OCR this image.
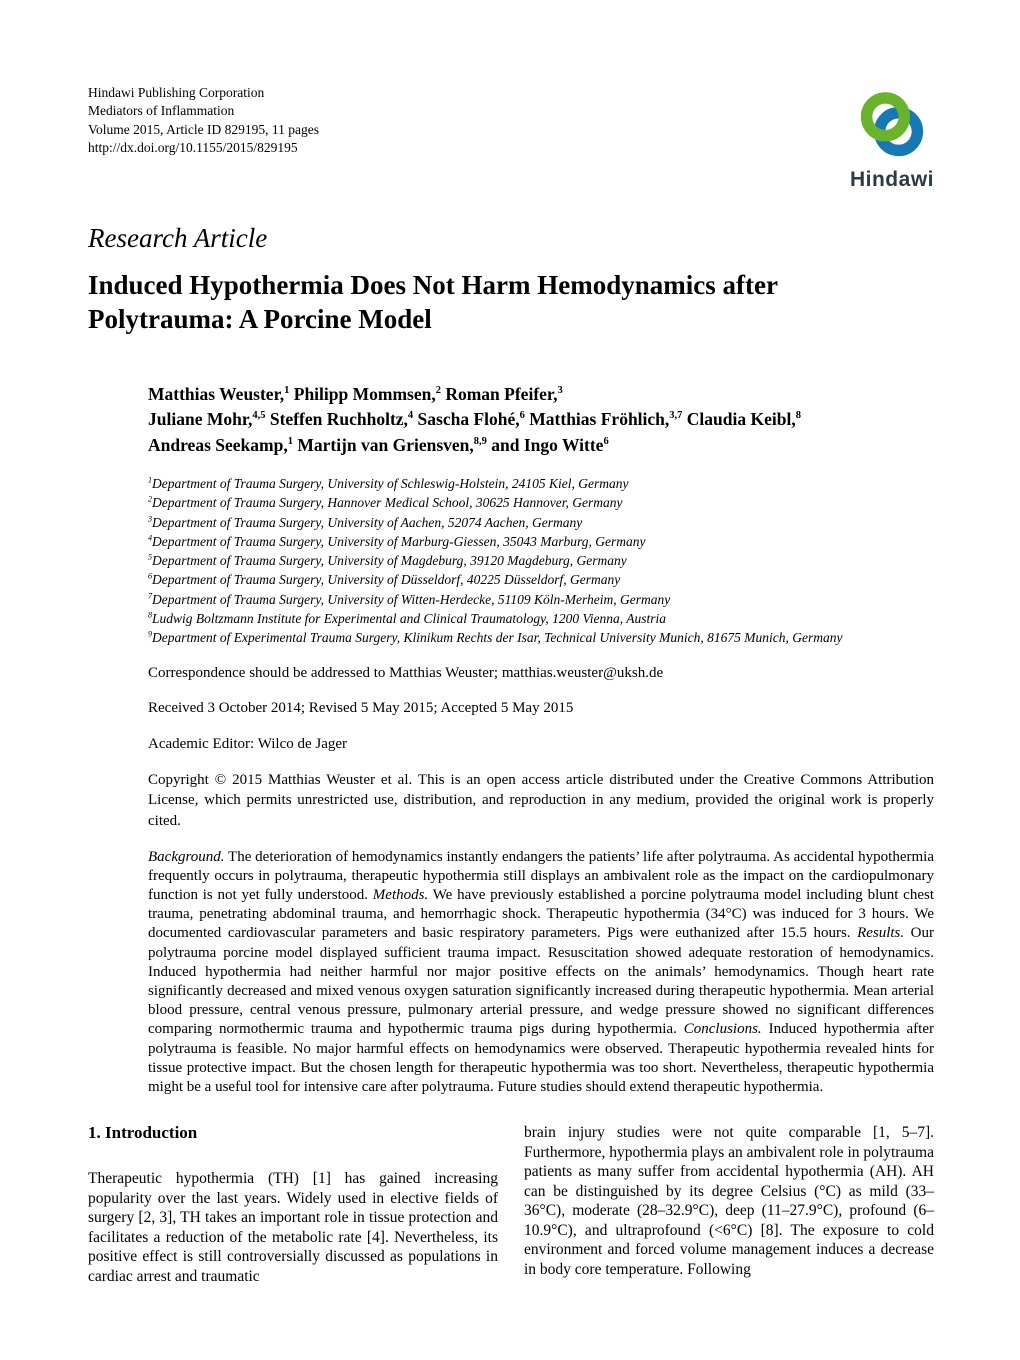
Hindawi Publishing Corporation
Mediators of Inflammation
Volume 2015, Article ID 829195, 11 pages
http://dx.doi.org/10.1155/2015/829195
Hindawi
Research Article
Induced Hypothermia Does Not Harm Hemodynamics after Polytrauma: A Porcine Model
Matthias Weuster,$^1$ Philipp Mommsen,$^2$ Roman Pfeifer,$^3$
Juliane Mohr,$^{4,5}$ Steffen Ruchholtz,$^4$ Sascha Flohé,$^6$ Matthias Fröhlich,$^{3,7}$ Claudia Keibl,$^8$
Andreas Seekamp,$^1$ Martijn van Griensven,$^{8,9}$ and Ingo Witte$^6$
$^1$Department of Trauma Surgery, University of Schleswig-Holstein, 24105 Kiel, Germany
$^2$Department of Trauma Surgery, Hannover Medical School, 30625 Hannover, Germany
$^3$Department of Trauma Surgery, University of Aachen, 52074 Aachen, Germany
$^4$Department of Trauma Surgery, University of Marburg-Giessen, 35043 Marburg, Germany
$^5$Department of Trauma Surgery, University of Magdeburg, 39120 Magdeburg, Germany
$^6$Department of Trauma Surgery, University of Düsseldorf, 40225 Düsseldorf, Germany
$^7$Department of Trauma Surgery, University of Witten-Herdecke, 51109 Köln-Merheim, Germany
$^8$Ludwig Boltzmann Institute for Experimental and Clinical Traumatology, 1200 Vienna, Austria
$^9$Department of Experimental Trauma Surgery, Klinikum Rechts der Isar, Technical University Munich, 81675 Munich, Germany
Correspondence should be addressed to Matthias Weuster; matthias.weuster@uksh.de
Received 3 October 2014; Revised 5 May 2015; Accepted 5 May 2015
Academic Editor: Wilco de Jager

Copyright © 2015 Matthias Weuster et al. This is an open access article distributed under the Creative Commons Attribution License, which permits unrestricted use, distribution, and reproduction in any medium, provided the original work is properly cited.

Background. The deterioration of hemodynamics instantly endangers the patients’ life after polytrauma. As accidental hypothermia frequently occurs in polytrauma, therapeutic hypothermia still displays an ambivalent role as the impact on the cardiopulmonary function is not yet fully understood. Methods. We have previously established a porcine polytrauma model including blunt chest trauma, penetrating abdominal trauma, and hemorrhagic shock. Therapeutic hypothermia (34°C) was induced for 3 hours. We documented cardiovascular parameters and basic respiratory parameters. Pigs were euthanized after 15.5 hours. Results. Our polytrauma porcine model displayed sufficient trauma impact. Resuscitation showed adequate restoration of hemodynamics. Induced hypothermia had neither harmful nor major positive effects on the animals’ hemodynamics. Though heart rate significantly decreased and mixed venous oxygen saturation significantly increased during therapeutic hypothermia. Mean arterial blood pressure, central venous pressure, pulmonary arterial pressure, and wedge pressure showed no significant differences comparing normothermic trauma and hypothermic trauma pigs during hypothermia. Conclusions. Induced hypothermia after polytrauma is feasible. No major harmful effects on hemodynamics were observed. Therapeutic hypothermia revealed hints for tissue protective impact. But the chosen length for therapeutic hypothermia was too short. Nevertheless, therapeutic hypothermia might be a useful tool for intensive care after polytrauma. Future studies should extend therapeutic hypothermia.

1. Introduction

Therapeutic hypothermia (TH) [1] has gained increasing popularity over the last years. Widely used in elective fields of surgery [2, 3], TH takes an important role in tissue protection and facilitates a reduction of the metabolic rate [4]. Nevertheless, its positive effect is still controversially discussed as populations in cardiac arrest and traumatic

brain injury studies were not quite comparable [1, 5–7]. Furthermore, hypothermia plays an ambivalent role in polytrauma patients as many suffer from accidental hypothermia (AH). AH can be distinguished by its degree Celsius (°C) as mild (33–36°C), moderate (28–32.9°C), deep (11–27.9°C), profound (6–10.9°C), and ultraprofound (<6°C) [8]. The exposure to cold environment and forced volume management induces a decrease in body core temperature. Following
